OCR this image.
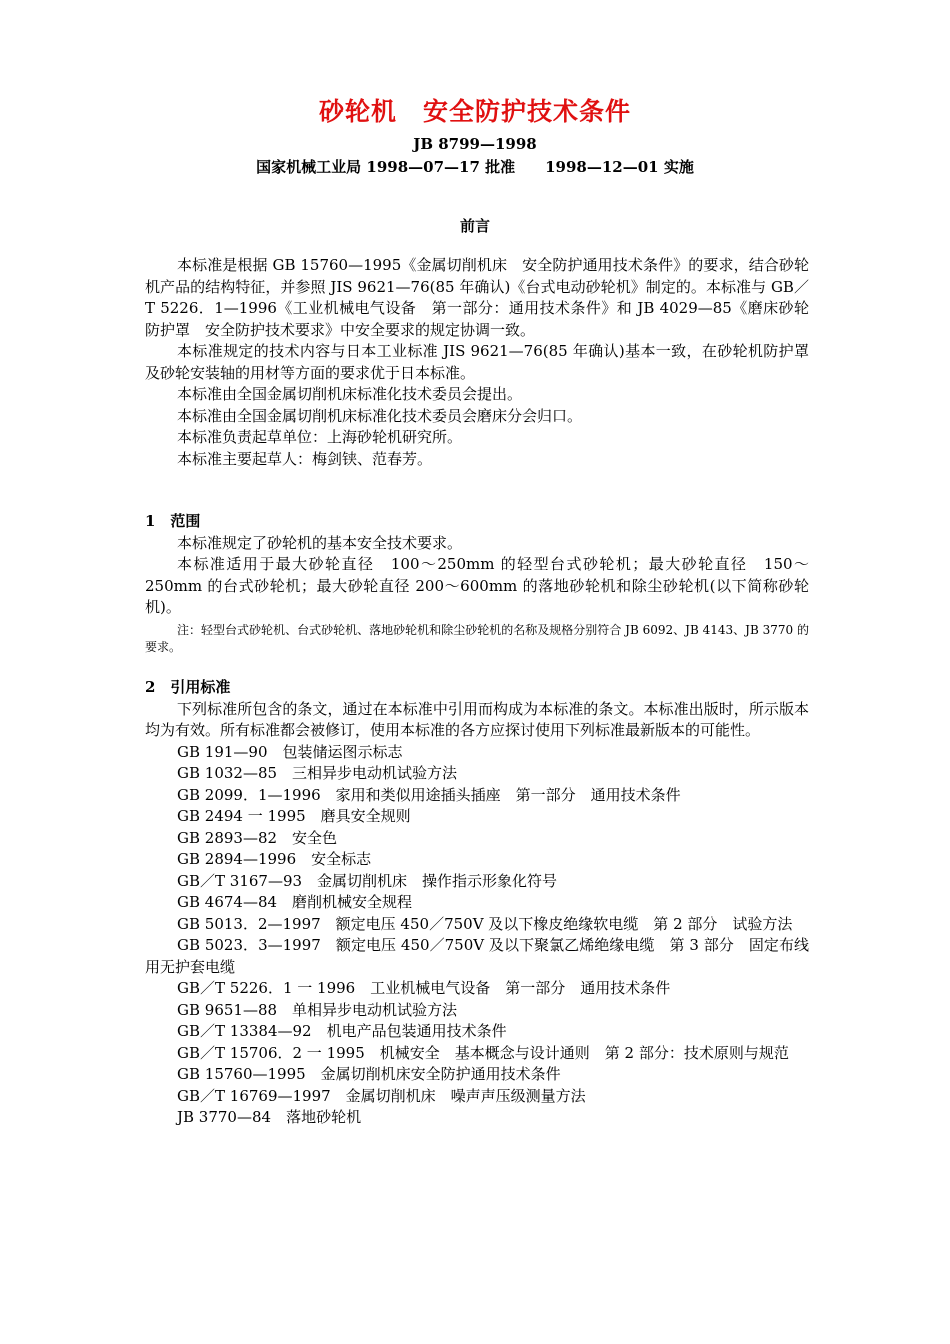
砂轮机　安全防护技术条件
JB 8799—1998
国家机械工业局 1998—07—17 批准　　1998—12—01 实施
前言

本标准是根据 GB 15760—1995《金属切削机床　安全防护通用技术条件》的要求，结合砂轮机产品的结构特征，并参照 JIS 9621—76(85 年确认)《台式电动砂轮机》制定的。本标准与 GB／T 5226．1—1996《工业机械电气设备　第一部分：通用技术条件》和 JB 4029—85《磨床砂轮防护罩　安全防护技术要求》中安全要求的规定协调一致。

本标准规定的技术内容与日本工业标准 JIS 9621—76(85 年确认)基本一致，在砂轮机防护罩及砂轮安装轴的用材等方面的要求优于日本标准。

本标准由全国金属切削机床标准化技术委员会提出。

本标准由全国金属切削机床标准化技术委员会磨床分会归口。

本标准负责起草单位：上海砂轮机研究所。

本标准主要起草人：梅剑铗、范春芳。

1　范围

本标准规定了砂轮机的基本安全技术要求。

本标准适用于最大砂轮直径　100～250mm 的轻型台式砂轮机；最大砂轮直径　150～250mm 的台式砂轮机；最大砂轮直径 200～600mm 的落地砂轮机和除尘砂轮机(以下简称砂轮机)。

注：轻型台式砂轮机、台式砂轮机、落地砂轮机和除尘砂轮机的名称及规格分别符合 JB 6092、JB 4143、JB 3770 的要求。

2　引用标准

下列标准所包含的条文，通过在本标准中引用而构成为本标准的条文。本标准出版时，所示版本均为有效。所有标准都会被修订，使用本标准的各方应探讨使用下列标准最新版本的可能性。

GB 191—90　包装储运图示标志

GB 1032—85　三相异步电动机试验方法

GB 2099．1—1996　家用和类似用途插头插座　第一部分　通用技术条件

GB 2494 一 1995　磨具安全规则

GB 2893—82　安全色

GB 2894—1996　安全标志

GB／T 3167—93　金属切削机床　操作指示形象化符号

GB 4674—84　磨削机械安全规程

GB 5013．2—1997　额定电压 450／750V 及以下橡皮绝缘软电缆　第 2 部分　试验方法

GB 5023．3—1997　额定电压 450／750V 及以下聚氯乙烯绝缘电缆　第 3 部分　固定布线用无护套电缆

GB／T 5226．1 一 1996　工业机械电气设备　第一部分　通用技术条件

GB 9651—88　单相异步电动机试验方法

GB／T 13384—92　机电产品包装通用技术条件

GB／T 15706．2 一 1995　机械安全　基本概念与设计通则　第 2 部分：技术原则与规范

GB 15760—1995　金属切削机床安全防护通用技术条件

GB／T 16769—1997　金属切削机床　噪声声压级测量方法

JB 3770—84　落地砂轮机
